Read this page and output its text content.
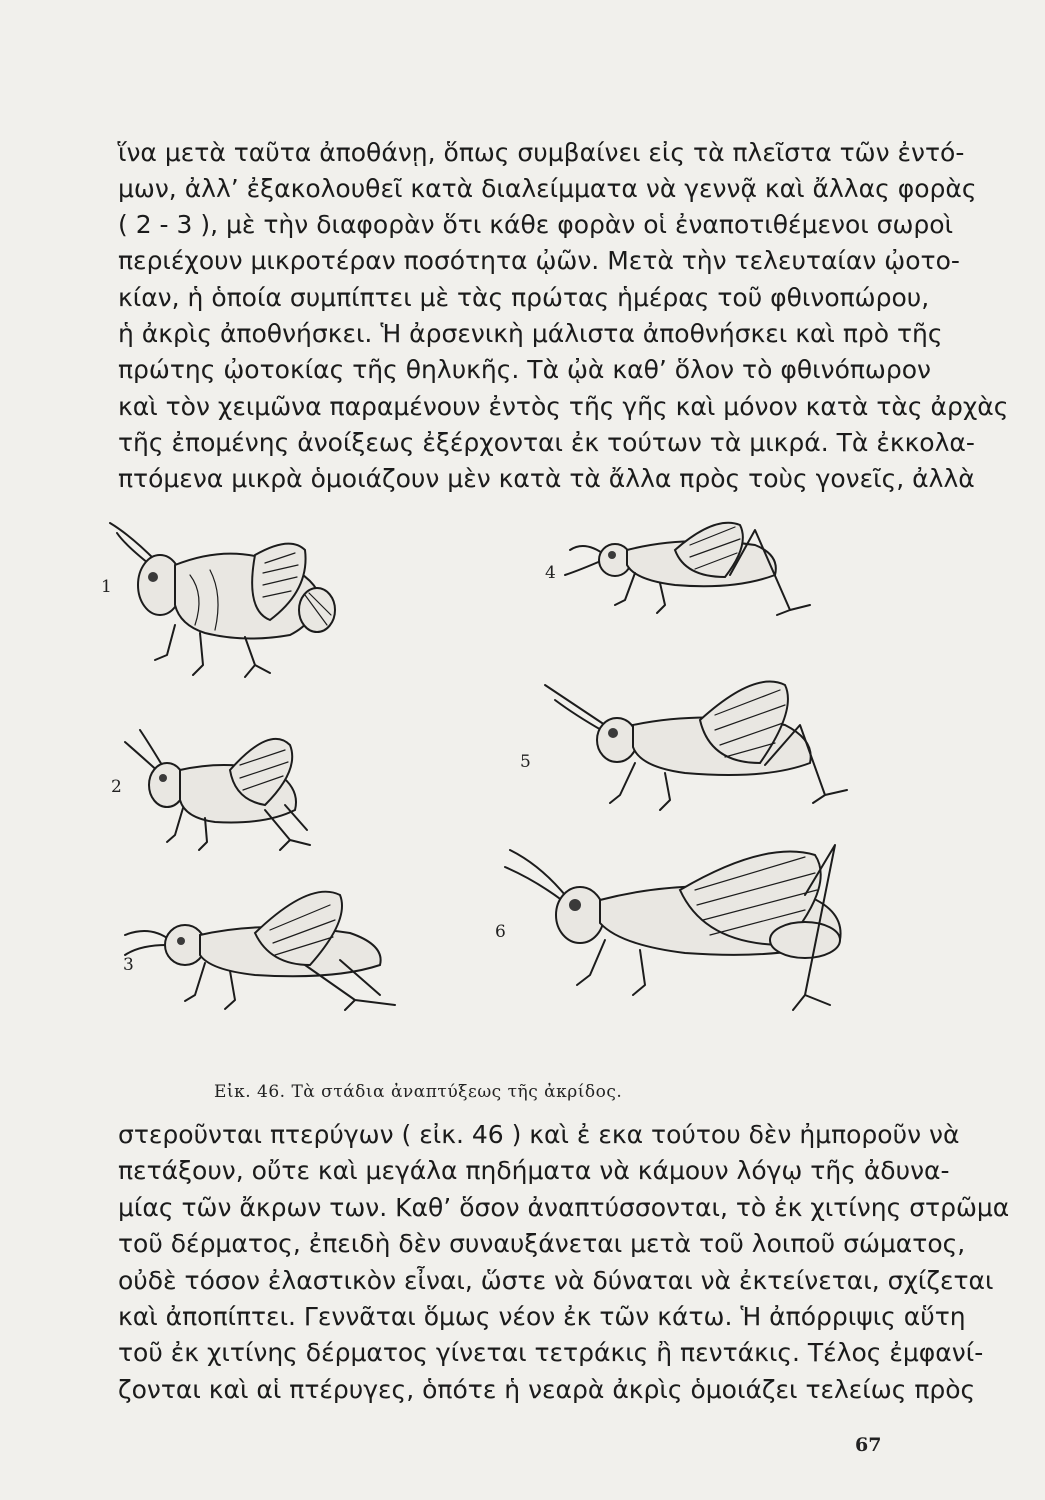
ἵνα μετὰ ταῦτα ἀποθάνῃ, ὅπως συμβαίνει εἰς τὰ πλεῖστα τῶν ἐντό-
μων, ἀλλ’ ἐξακολουθεῖ κατὰ διαλείμματα νὰ γεννᾷ καὶ ἄλλας φορὰς
( 2 - 3 ), μὲ τὴν διαφορὰν ὅτι κάθε φορὰν οἱ ἐναποτιθέμενοι σωροὶ
περιέχουν μικροτέραν ποσότητα ᾠῶν. Μετὰ τὴν τελευταίαν ᾠοτο-
κίαν, ἡ ὁποία συμπίπτει μὲ τὰς πρώτας ἡμέρας τοῦ φθινοπώρου,
ἡ ἀκρὶς ἀποθνήσκει. Ἡ ἀρσενικὴ μάλιστα ἀποθνήσκει καὶ πρὸ τῆς
πρώτης ᾠοτοκίας τῆς θηλυκῆς. Τὰ ᾠὰ καθ’ ὅλον τὸ φθινόπωρον
καὶ τὸν χειμῶνα παραμένουν ἐντὸς τῆς γῆς καὶ μόνον κατὰ τὰς ἀρχὰς
τῆς ἐπομένης ἀνοίξεως ἐξέρχονται ἐκ τούτων τὰ μικρά. Τὰ ἐκκολα-
πτόμενα μικρὰ ὁμοιάζουν μὲν κατὰ τὰ ἄλλα πρὸς τοὺς γονεῖς, ἀλλὰ
1
2
3
4
5
6
Εἰκ. 46. Τὰ στάδια ἀναπτύξεως τῆς ἀκρίδος.
στεροῦνται πτερύγων ( εἰκ. 46 ) καὶ ἐ εκα τούτου δὲν ἠμποροῦν νὰ
πετάξουν, οὔτε καὶ μεγάλα πηδήματα νὰ κάμουν λόγῳ τῆς ἀδυνα-
μίας τῶν ἄκρων των. Καθ’ ὅσον ἀναπτύσσονται, τὸ ἐκ χιτίνης στρῶμα
τοῦ δέρματος, ἐπειδὴ δὲν συναυξάνεται μετὰ τοῦ λοιποῦ σώματος,
οὐδὲ τόσον ἐλαστικὸν εἶναι, ὥστε νὰ δύναται νὰ ἐκτείνεται, σχίζεται
καὶ ἀποπίπτει. Γεννᾶται ὅμως νέον ἐκ τῶν κάτω. Ἡ ἀπόρριψις αὕτη
τοῦ ἐκ χιτίνης δέρματος γίνεται τετράκις ἢ πεντάκις. Τέλος ἐμφανί-
ζονται καὶ αἱ πτέρυγες, ὁπότε ἡ νεαρὰ ἀκρὶς ὁμοιάζει τελείως πρὸς
67
